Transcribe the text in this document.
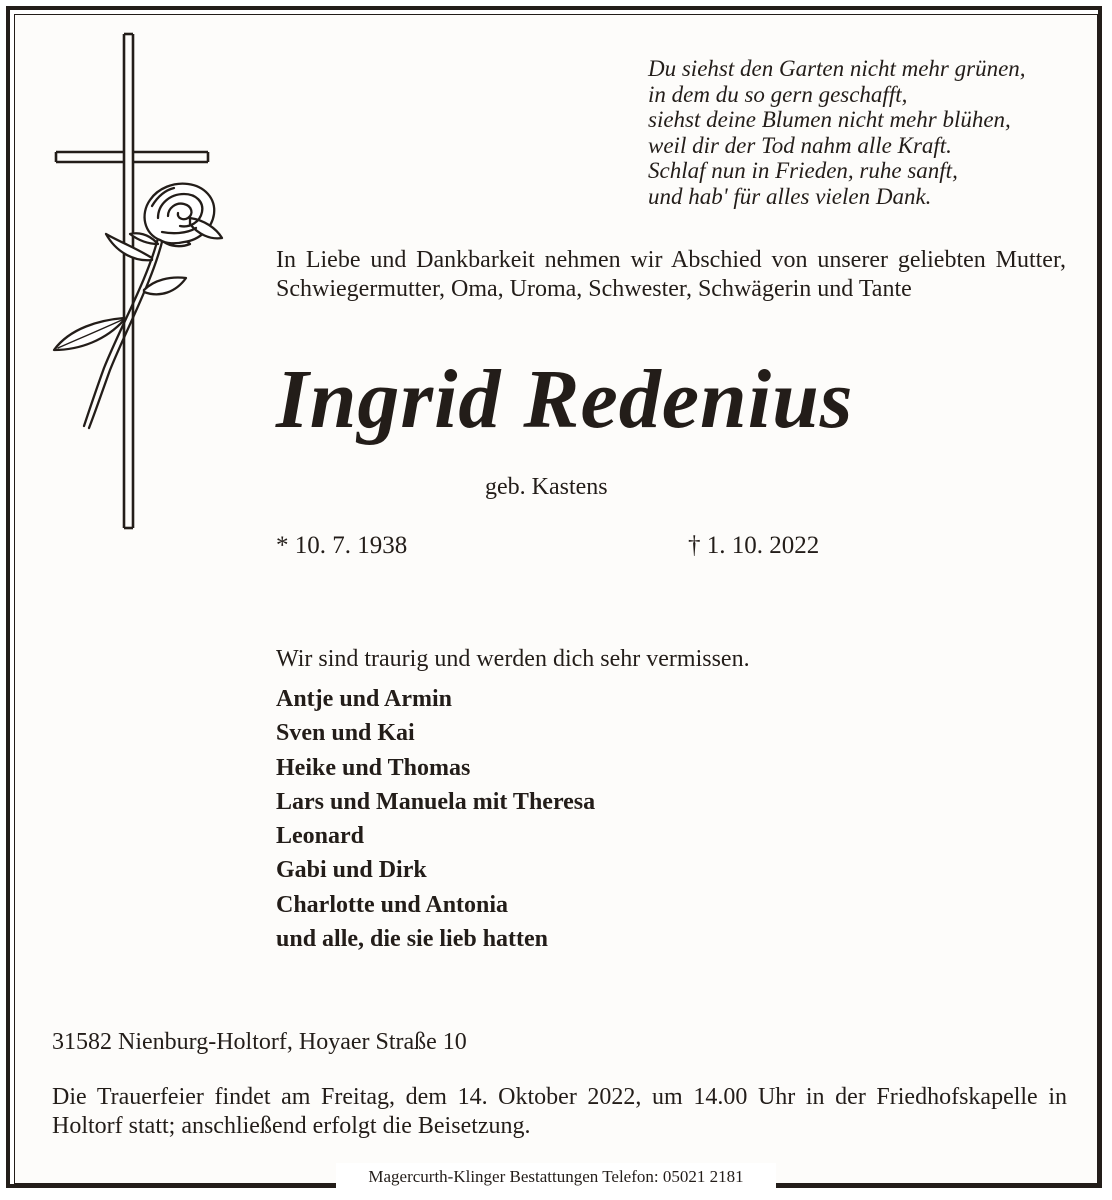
Du siehst den Garten nicht mehr grünen,
in dem du so gern geschafft,
siehst deine Blumen nicht mehr blühen,
weil dir der Tod nahm alle Kraft.
Schlaf nun in Frieden, ruhe sanft,
und hab' für alles vielen Dank.

In Liebe und Dankbarkeit nehmen wir Abschied von unserer geliebten Mutter, Schwiegermutter, Oma, Uroma, Schwester, Schwägerin und Tante

Ingrid Redenius
geb. Kastens
* 10. 7. 1938	† 1. 10. 2022
Wir sind traurig und werden dich sehr vermissen.
Antje und Armin
Sven und Kai
Heike und Thomas
Lars und Manuela mit Theresa
Leonard
Gabi und Dirk
Charlotte und Antonia
und alle, die sie lieb hatten
31582 Nienburg-Holtorf, Hoyaer Straße 10

Die Trauerfeier findet am Freitag, dem 14. Oktober 2022, um 14.00 Uhr in der Friedhofskapelle in Holtorf statt; anschließend erfolgt die Beisetzung.

Magercurth-Klinger Bestattungen Telefon: 05021 2181
